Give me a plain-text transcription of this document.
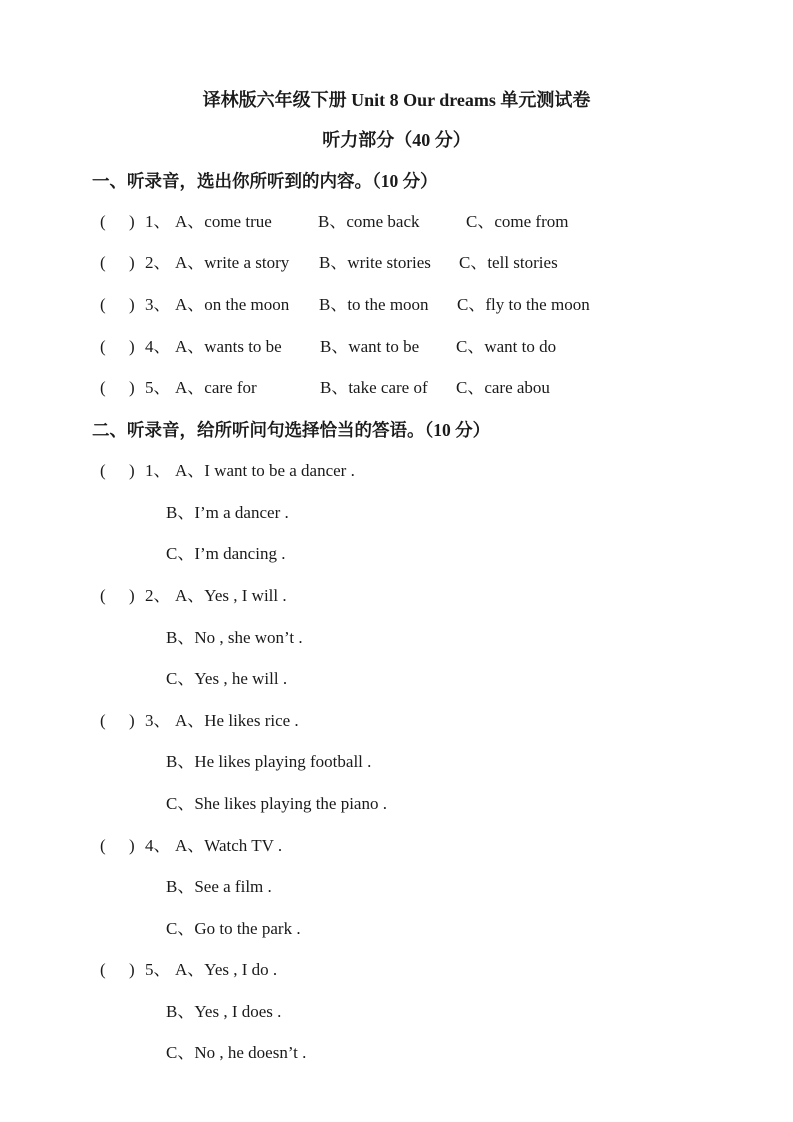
译林版六年级下册 Unit 8 Our dreams 单元测试卷
听力部分（40 分）
一、听录音，选出你所听到的内容。（10 分）
( ) 1、 A、come true	B、come back	C、come from
( ) 2、 A、write a story B、write stories C、tell stories
( ) 3、 A、on the moon B、to the moon C、fly to the moon
( ) 4、 A、wants to be B、want to be C、want to do
( ) 5、 A、care for	B、take care of C、care abou
二、听录音，给所听问句选择恰当的答语。（10 分）
( ) 1、 A、I want to be a dancer .
B、I’m a dancer .
C、I’m dancing .
( ) 2、 A、Yes , I will .
B、No , she won’t .
C、Yes , he will .
( ) 3、 A、He likes rice .
B、He likes playing football .
C、She likes playing the piano .
( ) 4、 A、Watch TV .
B、See a film .
C、Go to the park .
( ) 5、 A、Yes , I do .
B、Yes , I does .
C、No , he doesn’t .
